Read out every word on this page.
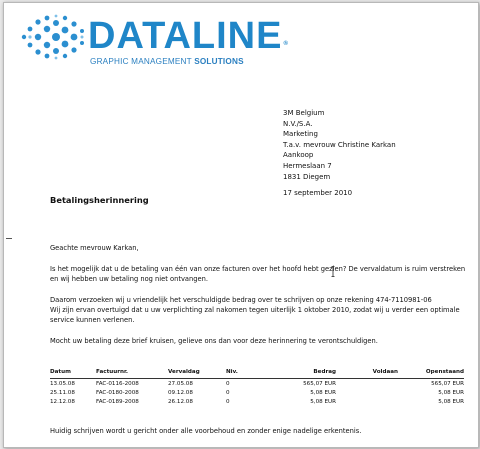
DATALINE®
GRAPHIC MANAGEMENT SOLUTIONS
3M Belgium
N.V./S.A.
Marketing
T.a.v. mevrouw Christine Karkan
Aankoop
Hermeslaan 7
1831 Diegem
17 september 2010
Betalingsherinnering
Geachte mevrouw Karkan,
Is het mogelijk dat u de betaling van één van onze facturen over het hoofd hebt gezien? De vervaldatum is ruim verstreken
en wij hebben uw betaling nog niet ontvangen.
Daarom verzoeken wij u vriendelijk het verschuldigde bedrag over te schrijven op onze rekening 474-7110981-06
Wij zijn ervan overtuigd dat u uw verplichting zal nakomen tegen uiterlijk 1 oktober 2010, zodat wij u verder een optimale
service kunnen verlenen.
Mocht uw betaling deze brief kruisen, gelieve ons dan voor deze herinnering te verontschuldigen.
Datum	Factuurnr.	Vervaldag	Niv.	Bedrag	Voldaan	Openstaand
13.05.08	FAC-0116-2008	27.05.08	0	565,07 EUR		565,07 EUR
25.11.08	FAC-0180-2008	09.12.08	0	5,08 EUR		5,08 EUR
12.12.08	FAC-0189-2008	26.12.08	0	5,08 EUR		5,08 EUR
Huidig schrijven wordt u gericht onder alle voorbehoud en zonder enige nadelige erkentenis.
